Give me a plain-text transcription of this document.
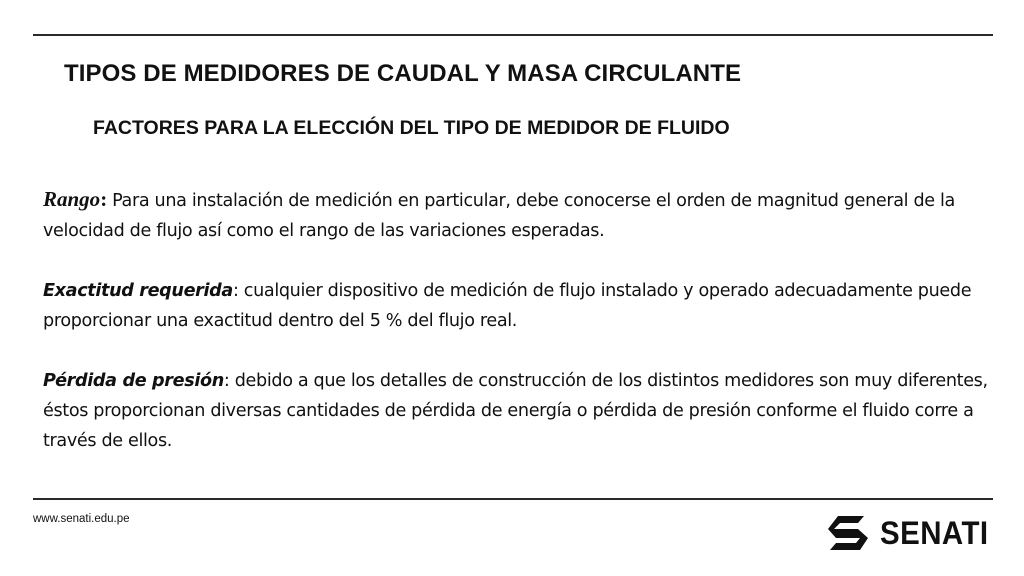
TIPOS DE MEDIDORES DE CAUDAL Y MASA CIRCULANTE
FACTORES PARA LA ELECCIÓN DEL TIPO DE MEDIDOR DE FLUIDO

Rango: Para una instalación de medición en particular, debe conocerse el orden de magnitud general de la velocidad de flujo así como el rango de las variaciones esperadas.

Exactitud requerida: cualquier dispositivo de medición de flujo instalado y operado adecuadamente puede proporcionar una exactitud dentro del 5 % del flujo real.

Pérdida de presión: debido a que los detalles de construcción de los distintos medidores son muy diferentes, éstos proporcionan diversas cantidades de pérdida de energía o pérdida de presión conforme el fluido corre a través de ellos.

www.senati.edu.pe	SENATI
